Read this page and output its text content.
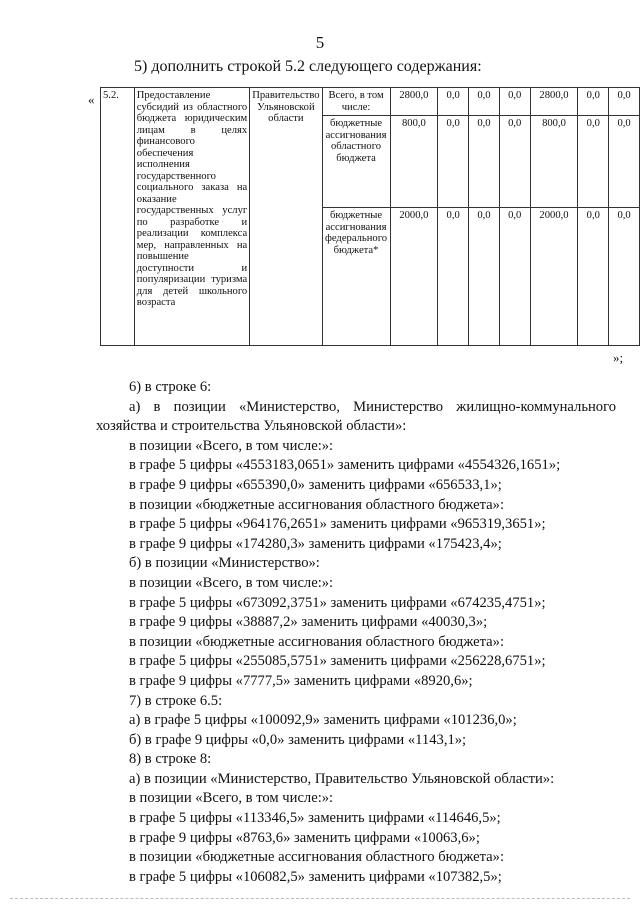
5
5) дополнить строкой 5.2 следующего содержания:
«
»;
5.2.	Предоставление субсидий из областного бюджета юридическим лицам в целях финансового обеспечения исполнения государственного социального заказа на оказание государственных услуг по разработке и реализации комплекса мер, направленных на повышение доступности и популяризации туризма для детей школьного возраста	Правительство Ульяновской области	Всего, в том числе:	2800,0	0,0	0,0	0,0	2800,0	0,0	0,0
			бюджетные ассигнования областного бюджета	800,0	0,0	0,0	0,0	800,0	0,0	0,0
			бюджетные ассигнования федерального бюджета*	2000,0	0,0	0,0	0,0	2000,0	0,0	0,0

6) в строке 6:

а) в позиции «Министерство, Министерство жилищно-коммунального хозяйства и строительства Ульяновской области»:

в позиции «Всего, в том числе:»:

в графе 5 цифры «4553183,0651» заменить цифрами «4554326,1651»;

в графе 9 цифры «655390,0» заменить цифрами «656533,1»;

в позиции «бюджетные ассигнования областного бюджета»:

в графе 5 цифры «964176,2651» заменить цифрами «965319,3651»;

в графе 9 цифры «174280,3» заменить цифрами «175423,4»;

б) в позиции «Министерство»:

в позиции «Всего, в том числе:»:

в графе 5 цифры «673092,3751» заменить цифрами «674235,4751»;

в графе 9 цифры «38887,2» заменить цифрами «40030,3»;

в позиции «бюджетные ассигнования областного бюджета»:

в графе 5 цифры «255085,5751» заменить цифрами «256228,6751»;

в графе 9 цифры «7777,5» заменить цифрами «8920,6»;

7) в строке 6.5:

а) в графе 5 цифры «100092,9» заменить цифрами «101236,0»;

б) в графе 9 цифры «0,0» заменить цифрами «1143,1»;

8) в строке 8:

а) в позиции «Министерство, Правительство Ульяновской области»:

в позиции «Всего, в том числе:»:

в графе 5 цифры «113346,5» заменить цифрами «114646,5»;

в графе 9 цифры «8763,6» заменить цифрами «10063,6»;

в позиции «бюджетные ассигнования областного бюджета»:

в графе 5 цифры «106082,5» заменить цифрами «107382,5»;
